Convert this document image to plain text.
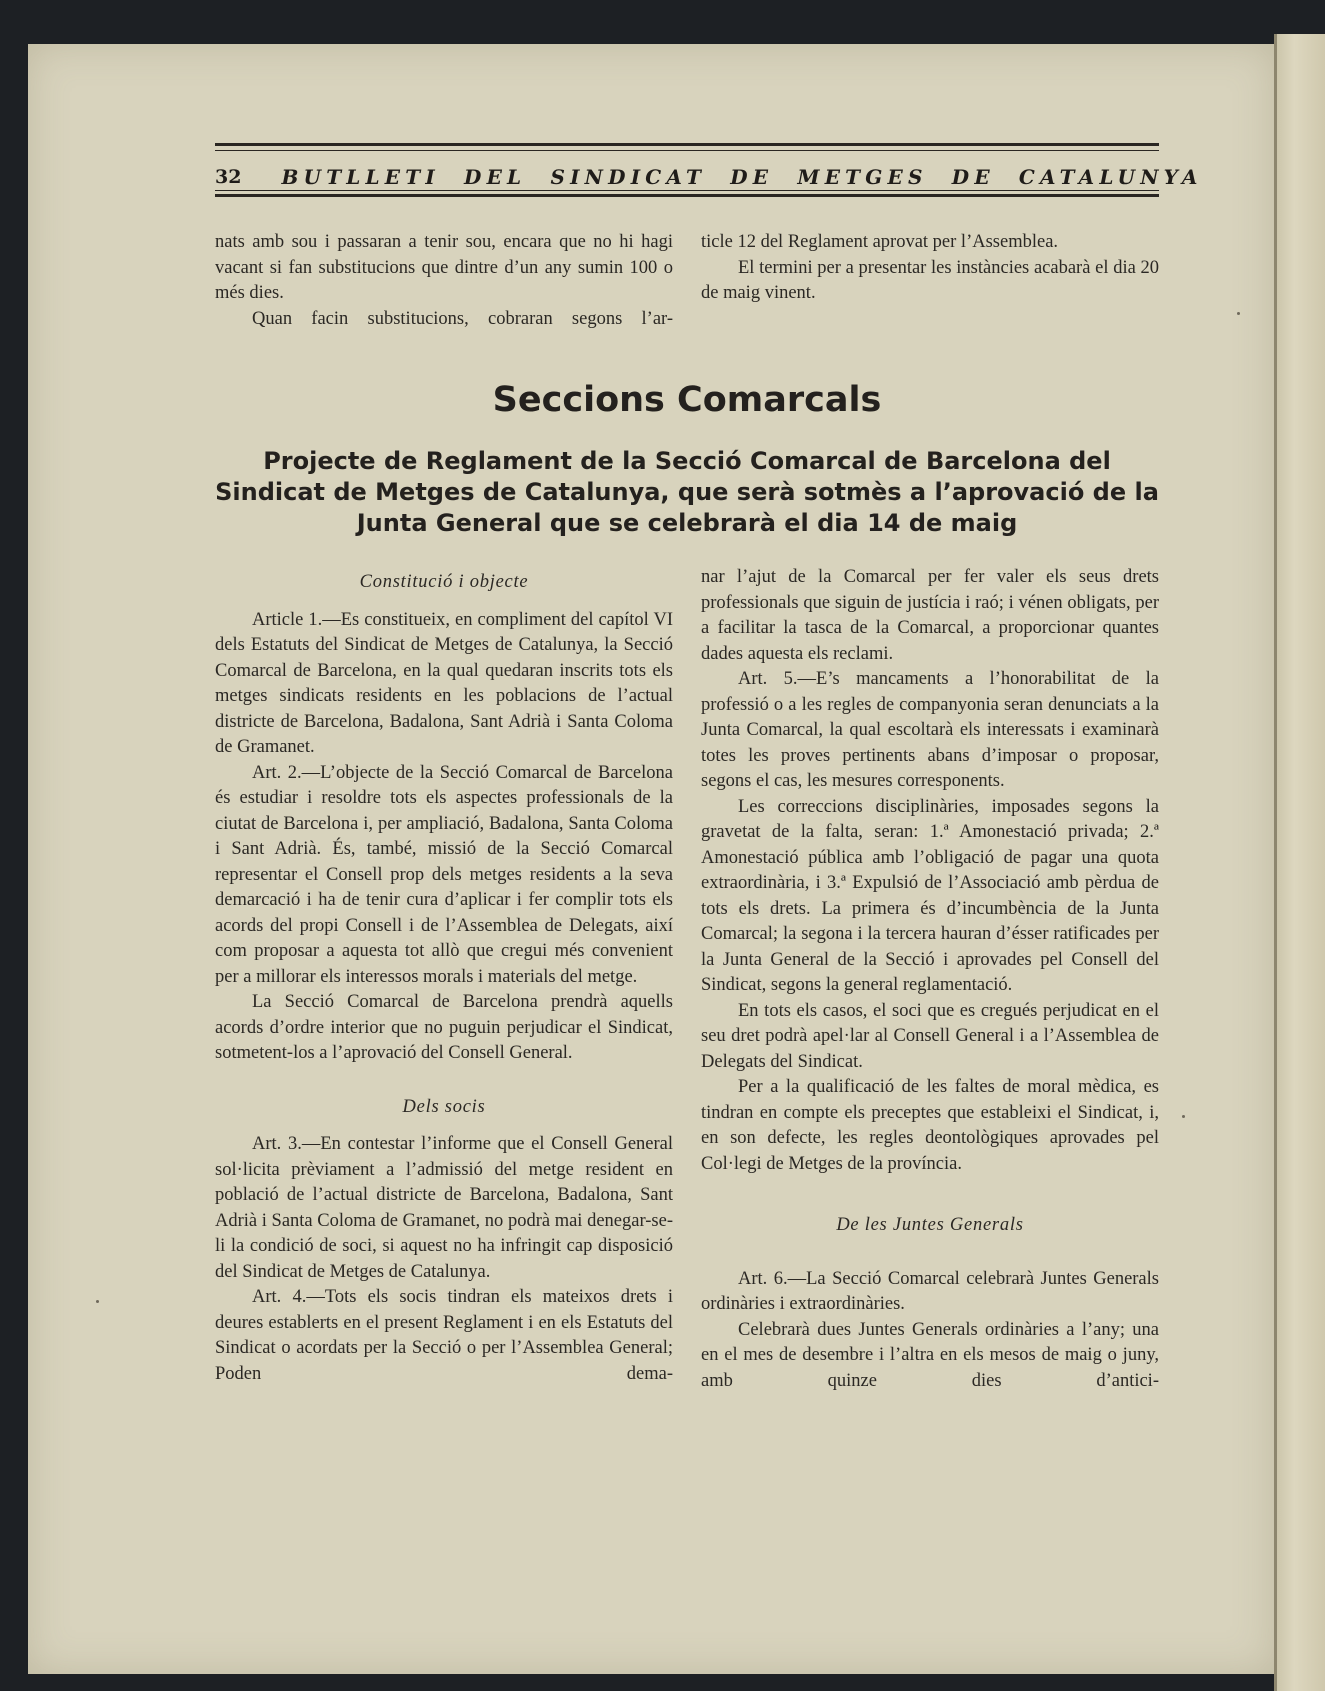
32 BUTLLETI DEL SINDICAT DE METGES DE CATALUNYA

nats amb sou i passaran a tenir sou, encara que no hi hagi vacant si fan substitucions que dintre d’un any sumin 100 o més dies.

Quan facin substitucions, cobraran segons l’ar-

ticle 12 del Reglament aprovat per l’Assemblea.

El termini per a presentar les instàncies acabarà el dia 20 de maig vinent.

Seccions Comarcals
Projecte de Reglament de la Secció Comarcal de Barcelona del Sindicat de Metges de Catalunya, que serà sotmès a l’aprovació de la Junta General que se celebrarà el dia 14 de maig
Constitució i objecte

Article 1.—Es constitueix, en compliment del capítol VI dels Estatuts del Sindicat de Metges de Catalunya, la Secció Comarcal de Barcelona, en la qual quedaran inscrits tots els metges sindicats residents en les poblacions de l’actual districte de Barcelona, Badalona, Sant Adrià i Santa Coloma de Gramanet.

Art. 2.—L’objecte de la Secció Comarcal de Barcelona és estudiar i resoldre tots els aspectes professionals de la ciutat de Barcelona i, per ampliació, Badalona, Santa Coloma i Sant Adrià. És, també, missió de la Secció Comarcal representar el Consell prop dels metges residents a la seva demarcació i ha de tenir cura d’aplicar i fer complir tots els acords del propi Consell i de l’Assemblea de Delegats, així com proposar a aquesta tot allò que cregui més convenient per a millorar els interessos morals i materials del metge.

La Secció Comarcal de Barcelona prendrà aquells acords d’ordre interior que no puguin perjudicar el Sindicat, sotmetent-los a l’aprovació del Consell General.

Dels socis

Art. 3.—En contestar l’informe que el Consell General sol·licita prèviament a l’admissió del metge resident en població de l’actual districte de Barcelona, Badalona, Sant Adrià i Santa Coloma de Gramanet, no podrà mai denegar-se-li la condició de soci, si aquest no ha infringit cap disposició del Sindicat de Metges de Catalunya.

Art. 4.—Tots els socis tindran els mateixos drets i deures establerts en el present Reglament i en els Estatuts del Sindicat o acordats per la Secció o per l’Assemblea General; Poden dema-

nar l’ajut de la Comarcal per fer valer els seus drets professionals que siguin de justícia i raó; i vénen obligats, per a facilitar la tasca de la Comarcal, a proporcionar quantes dades aquesta els reclami.

Art. 5.—E’s mancaments a l’honorabilitat de la professió o a les regles de companyonia seran denunciats a la Junta Comarcal, la qual escoltarà els interessats i examinarà totes les proves pertinents abans d’imposar o proposar, segons el cas, les mesures corresponents.

Les correccions disciplinàries, imposades segons la gravetat de la falta, seran: 1.ª Amonestació privada; 2.ª Amonestació pública amb l’obligació de pagar una quota extraordinària, i 3.ª Expulsió de l’Associació amb pèrdua de tots els drets. La primera és d’incumbència de la Junta Comarcal; la segona i la tercera hauran d’ésser ratificades per la Junta General de la Secció i aprovades pel Consell del Sindicat, segons la general reglamentació.

En tots els casos, el soci que es cregués perjudicat en el seu dret podrà apel·lar al Consell General i a l’Assemblea de Delegats del Sindicat.

Per a la qualificació de les faltes de moral mèdica, es tindran en compte els preceptes que estableixi el Sindicat, i, en son defecte, les regles deontològiques aprovades pel Col·legi de Metges de la província.

De les Juntes Generals

Art. 6.—La Secció Comarcal celebrarà Juntes Generals ordinàries i extraordinàries.

Celebrarà dues Juntes Generals ordinàries a l’any; una en el mes de desembre i l’altra en els mesos de maig o juny, amb quinze dies d’antici-
